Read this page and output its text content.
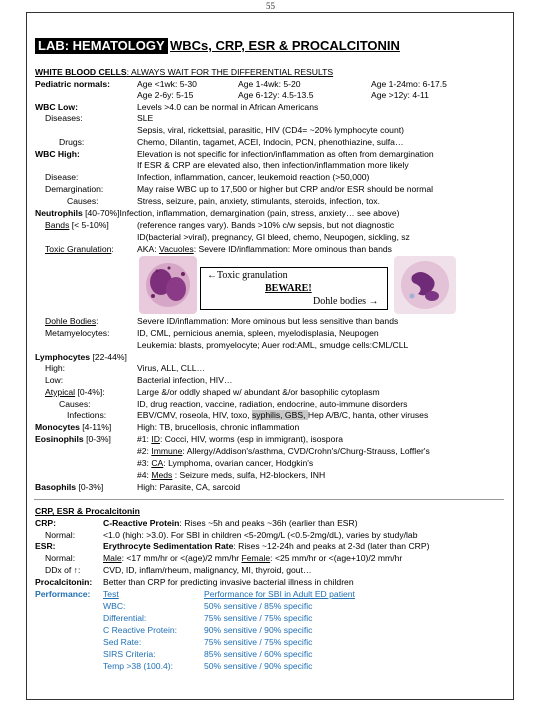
55
LAB: HEMATOLOGY WBCs, CRP, ESR & PROCALCITONIN
WHITE BLOOD CELLS: ALWAYS WAIT FOR THE DIFFERENTIAL RESULTS
Pediatric normals:	Age <1wk: 5-30	Age 1-4wk: 5-20	Age 1-24mo: 6-17.5
Age 2-6y: 5-15	Age 6-12y: 4.5-13.5	Age >12y: 4-11
WBC Low:	Levels >4.0 can be normal in African Americans
Diseases:	SLE
Sepsis, viral, rickettsial, parasitic, HIV (CD4= ~20% lymphocyte count)
Drugs:	Chemo, Dilantin, tagamet, ACEI, Indocin, PCN, phenothiazine, sulfa…
WBC High:	Elevation is not specific for infection/inflammation as often from demargination
If ESR & CRP are elevated also, then infection/inflammation more likely
Disease:	Infection, inflammation, cancer, leukemoid reaction (>50,000)
Demargination:	May raise WBC up to 17,500 or higher but CRP and/or ESR should be normal
Causes:	Stress, seizure, pain, anxiety, stimulants, steroids, infection, tox.
Neutrophils [40-70%]Infection, inflammation, demargination (pain, stress, anxiety… see above)
Bands [< 5-10%]	(reference ranges vary). Bands >10% c/w sepsis, but not diagnostic
ID(bacterial >viral), pregnancy, GI bleed, chemo, Neupogen, sickling, sz
Toxic Granulation:	AKA: Vacuoles: Severe ID/inflammation: More ominous than bands
←Toxic granulation
BEWARE!
Dohle bodies →
Dohle Bodies:	Severe ID/inflammation: More ominous but less sensitive than bands
Metamyelocytes:	ID, CML, pernicious anemia, spleen, myelodisplasia, Neupogen
Leukemia: blasts, promyelocyte; Auer rod:AML, smudge cells:CML/CLL
Lymphocytes [22-44%]
High:	Virus, ALL, CLL…
Low:	Bacterial infection, HIV…
Atypical [0-4%]:	Large &/or oddly shaped w/ abundant &/or basophilic cytoplasm
Causes:	ID, drug reaction, vaccine, radiation, endocrine, auto-immune disorders
Infections:	EBV/CMV, roseola, HIV, toxo, syphilis, GBS, Hep A/B/C, hanta, other viruses
Monocytes [4-11%]	High: TB, brucellosis, chronic inflammation
Eosinophils [0-3%]	#1: ID: Cocci, HIV, worms (esp in immigrant), isospora
#2: Immune: Allergy/Addison's/asthma, CVD/Crohn's/Churg-Strauss, Loffler's
#3: CA: Lymphoma, ovarian cancer, Hodgkin's
#4: Meds : Seizure meds, sulfa, H2-blockers, INH
Basophils [0-3%]	High: Parasite, CA, sarcoid
CRP, ESR & Procalcitonin
CRP:	C-Reactive Protein: Rises ~5h and peaks ~36h (earlier than ESR)
Normal:	<1.0 (high: >3.0). For SBI in children <5-20mg/L (<0.5-2mg/dL), varies by study/lab
ESR:	Erythrocyte Sedimentation Rate: Rises ~12-24h and peaks at 2-3d (later than CRP)
Normal:	Male: <17 mm/hr or <(age)/2 mm/hr Female: <25 mm/hr or <(age+10)/2 mm/hr
DDx of ↑:	CVD, ID, inflam/rheum, malignancy, MI, thyroid, gout…
Procalcitonin: Better than CRP for predicting invasive bacterial illness in children
Performance: Test	Performance for SBI in Adult ED patient
WBC:	50% sensitive / 85% specific
Differential:	75% sensitive / 75% specific
C Reactive Protein:	90% sensitive / 90% specific
Sed Rate:	75% sensitive / 75% specific
SIRS Criteria:	85% sensitive / 60% specific
Temp >38 (100.4):	50% sensitive / 90% specific
